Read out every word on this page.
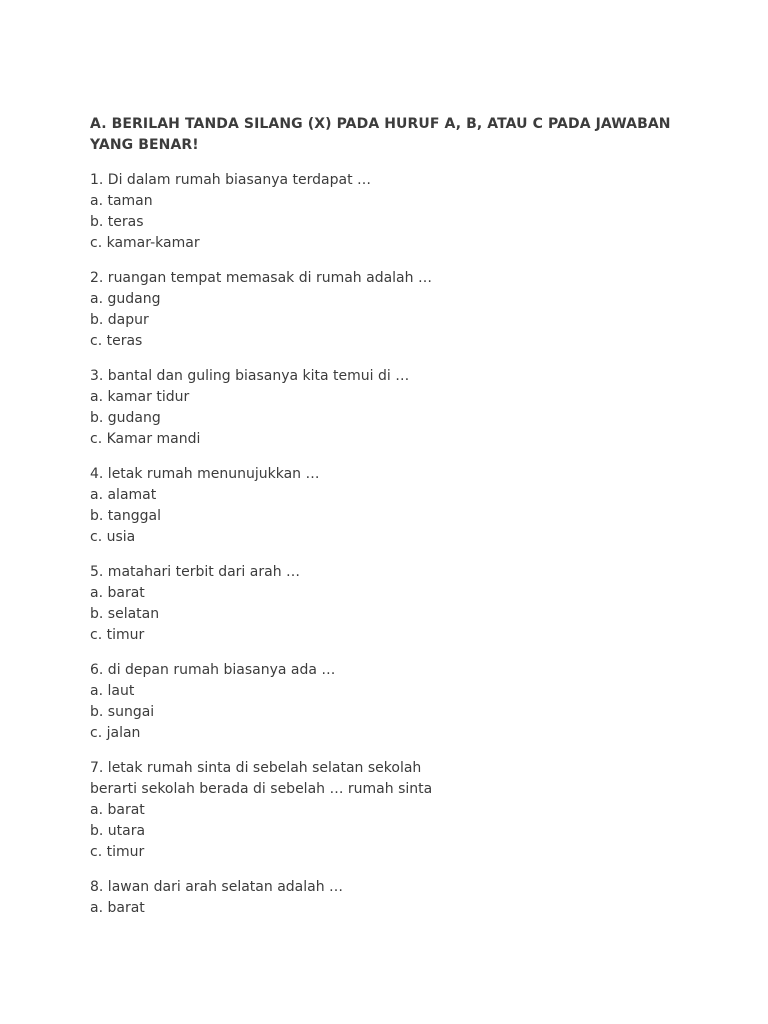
A. BERILAH TANDA SILANG (X) PADA HURUF A, B, ATAU C PADA JAWABAN YANG BENAR!
1. Di dalam rumah biasanya terdapat …
a. taman
b. teras
c. kamar-kamar
2. ruangan tempat memasak di rumah adalah …
a. gudang
b. dapur
c. teras
3. bantal dan guling biasanya kita temui di …
a. kamar tidur
b. gudang
c. Kamar mandi
4. letak rumah menunujukkan …
a. alamat
b. tanggal
c. usia
5. matahari terbit dari arah …
a. barat
b. selatan
c. timur
6. di depan rumah biasanya ada …
a. laut
b. sungai
c. jalan
7. letak rumah sinta di sebelah selatan sekolah
berarti sekolah berada di sebelah … rumah sinta
a. barat
b. utara
c. timur
8. lawan dari arah selatan adalah …
a. barat
